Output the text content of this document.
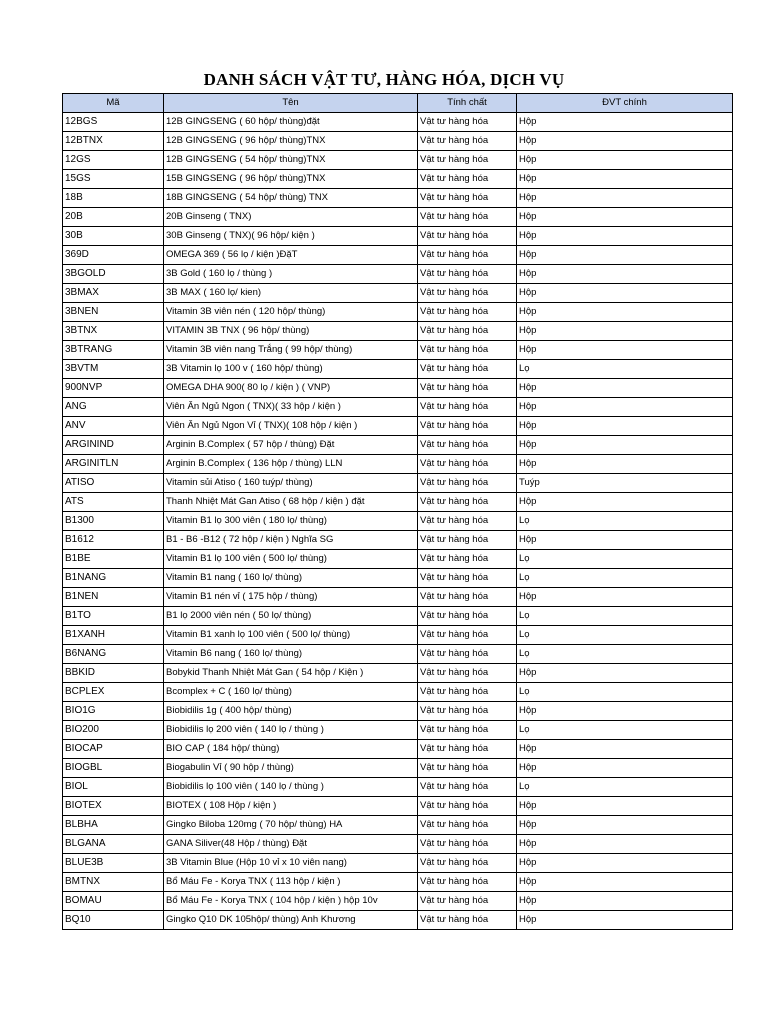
DANH SÁCH VẬT TƯ, HÀNG HÓA, DỊCH VỤ
Mã	Tên	Tính chất	ĐVT chính
12BGS	12B GINGSENG ( 60 hộp/ thùng)đặt	Vật tư hàng hóa	Hộp
12BTNX	12B GINGSENG ( 96 hộp/ thùng)TNX	Vật tư hàng hóa	Hộp
12GS	12B GINGSENG ( 54 hộp/ thùng)TNX	Vật tư hàng hóa	Hộp
15GS	15B GINGSENG ( 96 hộp/ thùng)TNX	Vật tư hàng hóa	Hộp
18B	18B GINGSENG ( 54 hộp/ thùng) TNX	Vật tư hàng hóa	Hộp
20B	20B Ginseng ( TNX)	Vật tư hàng hóa	Hộp
30B	30B Ginseng ( TNX)( 96 hộp/ kiện )	Vật tư hàng hóa	Hộp
369D	OMEGA 369 ( 56 lọ / kiện )ĐặT	Vật tư hàng hóa	Hộp
3BGOLD	3B Gold ( 160 lọ / thùng )	Vật tư hàng hóa	Hộp
3BMAX	3B MAX ( 160 lọ/ kien)	Vật tư hàng hóa	Hộp
3BNEN	Vitamin 3B viên nén ( 120 hộp/ thùng)	Vật tư hàng hóa	Hộp
3BTNX	VITAMIN 3B TNX ( 96 hộp/ thùng)	Vật tư hàng hóa	Hộp
3BTRANG	Vitamin 3B viên nang Trắng ( 99 hộp/ thùng)	Vật tư hàng hóa	Hộp
3BVTM	3B Vitamin lọ 100 v ( 160 hộp/ thùng)	Vật tư hàng hóa	Lọ
900NVP	OMEGA DHA 900( 80 lọ / kiện ) ( VNP)	Vật tư hàng hóa	Hộp
ANG	Viên Ăn Ngủ Ngon ( TNX)( 33 hộp / kiện )	Vật tư hàng hóa	Hộp
ANV	Viên Ăn Ngủ Ngon Vỉ ( TNX)( 108 hộp / kiện )	Vật tư hàng hóa	Hộp
ARGININD	Arginin B.Complex ( 57 hộp / thùng) Đặt	Vật tư hàng hóa	Hộp
ARGINITLN	Arginin B.Complex ( 136 hộp / thùng) LLN	Vật tư hàng hóa	Hộp
ATISO	Vitamin sủi Atiso ( 160 tuýp/ thùng)	Vật tư hàng hóa	Tuýp
ATS	Thanh Nhiệt Mát Gan Atiso ( 68 hộp / kiện ) đặt	Vật tư hàng hóa	Hộp
B1300	Vitamin B1 lọ 300 viên ( 180 lọ/ thùng)	Vật tư hàng hóa	Lọ
B1612	B1 - B6 -B12 ( 72 hộp / kiện ) Nghĩa SG	Vật tư hàng hóa	Hộp
B1BE	Vitamin B1 lọ 100 viên ( 500 lọ/ thùng)	Vật tư hàng hóa	Lọ
B1NANG	Vitamin B1 nang ( 160 lọ/ thùng)	Vật tư hàng hóa	Lọ
B1NEN	Vitamin B1 nén vỉ ( 175 hộp / thùng)	Vật tư hàng hóa	Hộp
B1TO	B1 lọ 2000 viên nén ( 50 lọ/ thùng)	Vật tư hàng hóa	Lọ
B1XANH	Vitamin B1 xanh lọ 100 viên ( 500 lọ/ thùng)	Vật tư hàng hóa	Lọ
B6NANG	Vitamin B6 nang ( 160 lọ/ thùng)	Vật tư hàng hóa	Lọ
BBKID	Bobykid Thanh Nhiệt Mát Gan ( 54 hộp / Kiện )	Vật tư hàng hóa	Hộp
BCPLEX	Bcomplex + C ( 160 lọ/ thùng)	Vật tư hàng hóa	Lọ
BIO1G	Biobidilis 1g ( 400 hộp/ thùng)	Vật tư hàng hóa	Hộp
BIO200	Biobidilis lọ 200 viên ( 140 lọ / thùng )	Vật tư hàng hóa	Lọ
BIOCAP	BIO CAP ( 184 hộp/ thùng)	Vật tư hàng hóa	Hộp
BIOGBL	Biogabulin Vỉ ( 90 hộp / thùng)	Vật tư hàng hóa	Hộp
BIOL	Biobidilis lọ 100 viên ( 140 lọ / thùng )	Vật tư hàng hóa	Lọ
BIOTEX	BIOTEX ( 108 Hộp / kiện )	Vật tư hàng hóa	Hộp
BLBHA	Gingko Biloba 120mg ( 70 hộp/ thùng) HA	Vật tư hàng hóa	Hộp
BLGANA	GANA Siliver(48 Hộp / thùng) Đặt	Vật tư hàng hóa	Hộp
BLUE3B	3B Vitamin Blue (Hộp 10 vỉ x 10 viên nang)	Vật tư hàng hóa	Hộp
BMTNX	Bổ Máu Fe - Korya TNX ( 113 hộp / kiện )	Vật tư hàng hóa	Hộp
BOMAU	Bổ Máu Fe - Korya TNX ( 104 hộp / kiện ) hộp 10v	Vật tư hàng hóa	Hộp
BQ10	Gingko Q10 DK 105hộp/ thùng) Anh Khương	Vật tư hàng hóa	Hộp
